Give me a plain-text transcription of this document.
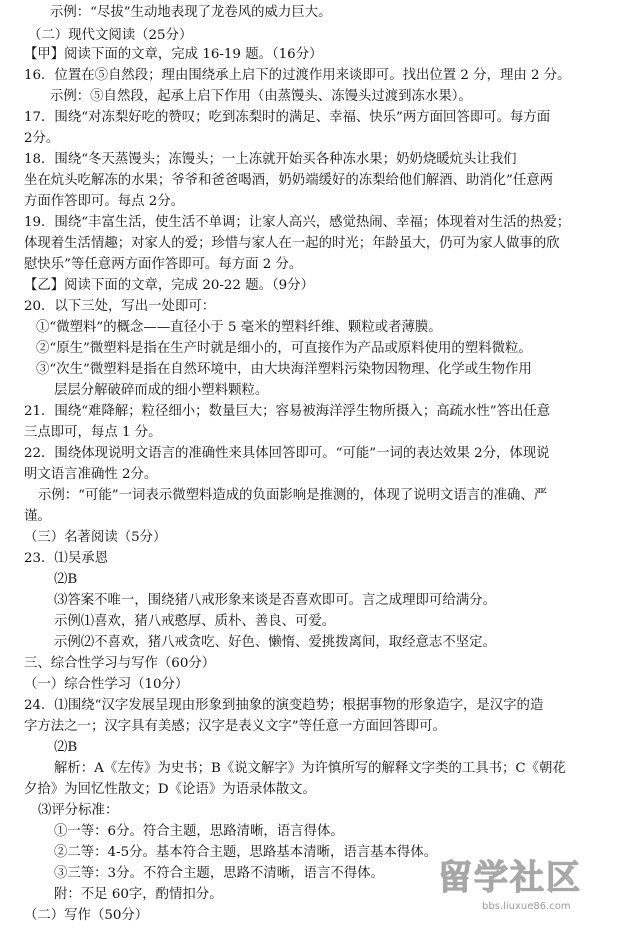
示例：“尽拔”生动地表现了龙卷风的威力巨大。
（二）现代文阅读（25分）
【甲】阅读下面的文章，完成 16-19 题。（16分）
16．位置在⑤自然段；理由围绕承上启下的过渡作用来谈即可。找出位置 2 分，理由 2 分。
示例：⑤自然段，起承上启下作用（由蒸馒头、冻馒头过渡到冻水果）。
17．围绕“对冻梨好吃的赞叹；吃到冻梨时的满足、幸福、快乐”两方面回答即可。每方面
2分。
18．围绕“冬天蒸馒头；冻馒头；一上冻就开始买各种冻水果；奶奶烧暖炕头让我们
坐在炕头吃解冻的水果；爷爷和爸爸喝酒，奶奶端缓好的冻梨给他们解酒、助消化”任意两
方面作答即可。每点 2分。
19．围绕“丰富生活，使生活不单调；让家人高兴，感觉热闹、幸福；体现着对生活的热爱；
体现着生活情趣；对家人的爱；珍惜与家人在一起的时光；年龄虽大，仍可为家人做事的欣
慰快乐”等任意两方面作答即可。每方面 2 分。
【乙】阅读下面的文章，完成 20-22 题。（9分）
20．以下三处，写出一处即可：
①“微塑料”的概念——直径小于 5 毫米的塑料纤维、颗粒或者薄膜。
②“原生”微塑料是指在生产时就是细小的，可直接作为产品或原料使用的塑料微粒。
③“次生”微塑料是指在自然环境中，由大块海洋塑料污染物因物理、化学或生物作用
层层分解破碎而成的细小塑料颗粒。
21．围绕“难降解；粒径细小；数量巨大；容易被海洋浮生物所摄入；高疏水性”答出任意
三点即可，每点 1 分。
22．围绕体现说明文语言的准确性来具体回答即可。“可能”一词的表达效果 2分，体现说
明文语言准确性 2分。
示例：“可能”一词表示微塑料造成的负面影响是推测的，体现了说明文语言的准确、严
谨。
（三）名著阅读（5分）
23．⑴吴承恩
⑵B
⑶答案不唯一，围绕猪八戒形象来谈是否喜欢即可。言之成理即可给满分。
示例⑴喜欢，猪八戒憨厚、质朴、善良、可爱。
示例⑵不喜欢，猪八戒贪吃、好色、懒惰、爱挑拨离间，取经意志不坚定。
三、综合性学习与写作（60分）
（一）综合性学习（10分）
24．⑴围绕“汉字发展呈现由形象到抽象的演变趋势；根据事物的形象造字，是汉字的造
字方法之一；汉字具有美感；汉字是表义文字”等任意一方面回答即可。
⑵B
解析：A《左传》为史书；B《说文解字》为许慎所写的解释文字类的工具书；C《朝花
夕拾》为回忆性散文；D《论语》为语录体散文。
⑶评分标准：
①一等：6分。符合主题，思路清晰，语言得体。
②二等：4-5分。基本符合主题，思路基本清晰，语言基本得体。
③三等：3分。不符合主题，思路不清晰，语言不得体。
附：不足 60字，酌情扣分。
（二）写作（50分）
留学社区
bbs.liuxue86.com
